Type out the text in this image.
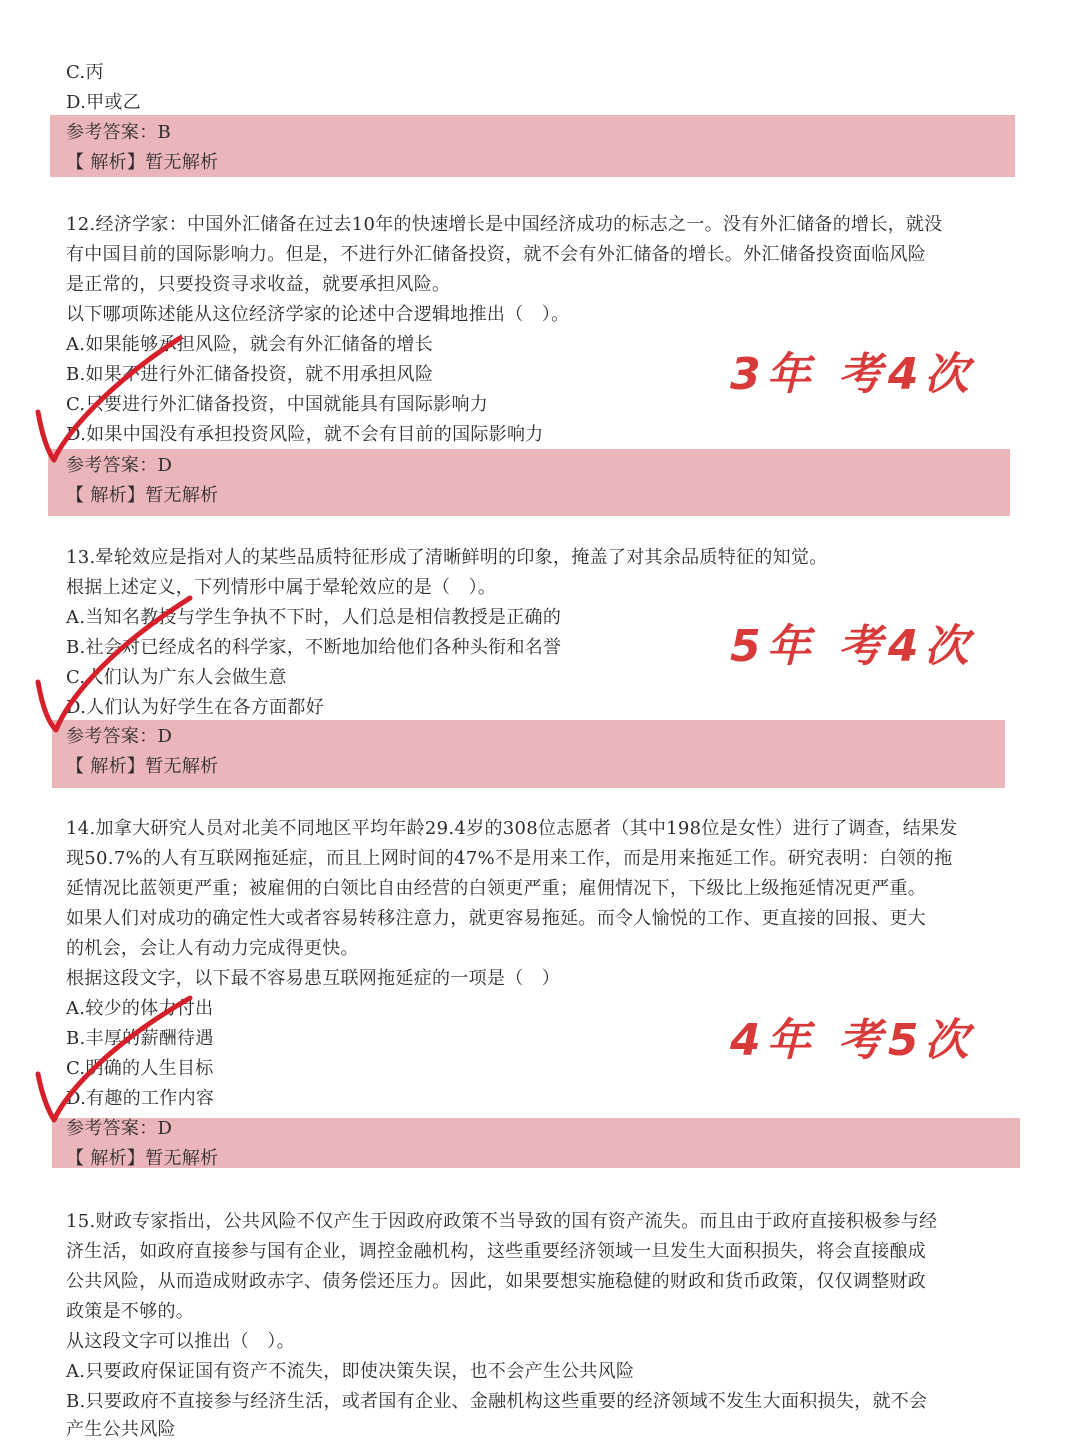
C.丙
D.甲或乙
参考答案：B
【 解析】暂无解析
12.经济学家：中国外汇储备在过去10年的快速增长是中国经济成功的标志之一。没有外汇储备的增长，就没
有中国目前的国际影响力。但是，不进行外汇储备投资，就不会有外汇储备的增长。外汇储备投资面临风险
是正常的，只要投资寻求收益，就要承担风险。
以下哪项陈述能从这位经济学家的论述中合逻辑地推出（　）。
A.如果能够承担风险，就会有外汇储备的增长
B.如果不进行外汇储备投资，就不用承担风险
C.只要进行外汇储备投资，中国就能具有国际影响力
D.如果中国没有承担投资风险，就不会有目前的国际影响力
参考答案：D
【 解析】暂无解析
3年 考4次
13.晕轮效应是指对人的某些品质特征形成了清晰鲜明的印象，掩盖了对其余品质特征的知觉。
根据上述定义，下列情形中属于晕轮效应的是（　）。
A.当知名教授与学生争执不下时，人们总是相信教授是正确的
B.社会对已经成名的科学家，不断地加给他们各种头衔和名誉
C.人们认为广东人会做生意
D.人们认为好学生在各方面都好
参考答案：D
【 解析】暂无解析
5年 考4次
14.加拿大研究人员对北美不同地区平均年龄29.4岁的308位志愿者（其中198位是女性）进行了调查，结果发
现50.7%的人有互联网拖延症，而且上网时间的47%不是用来工作，而是用来拖延工作。研究表明：白领的拖
延情况比蓝领更严重；被雇佣的白领比自由经营的白领更严重；雇佣情况下，下级比上级拖延情况更严重。
如果人们对成功的确定性大或者容易转移注意力，就更容易拖延。而令人愉悦的工作、更直接的回报、更大
的机会，会让人有动力完成得更快。
根据这段文字，以下最不容易患互联网拖延症的一项是（　）
A.较少的体力付出
B.丰厚的薪酬待遇
C.明确的人生目标
D.有趣的工作内容
参考答案：D
【 解析】暂无解析
4年 考5次
15.财政专家指出，公共风险不仅产生于因政府政策不当导致的国有资产流失。而且由于政府直接积极参与经
济生活，如政府直接参与国有企业，调控金融机构，这些重要经济领域一旦发生大面积损失，将会直接酿成
公共风险，从而造成财政赤字、债务偿还压力。因此，如果要想实施稳健的财政和货币政策，仅仅调整财政
政策是不够的。
从这段文字可以推出（　）。
A.只要政府保证国有资产不流失，即使决策失误，也不会产生公共风险
B.只要政府不直接参与经济生活，或者国有企业、金融机构这些重要的经济领域不发生大面积损失，就不会
产生公共风险
